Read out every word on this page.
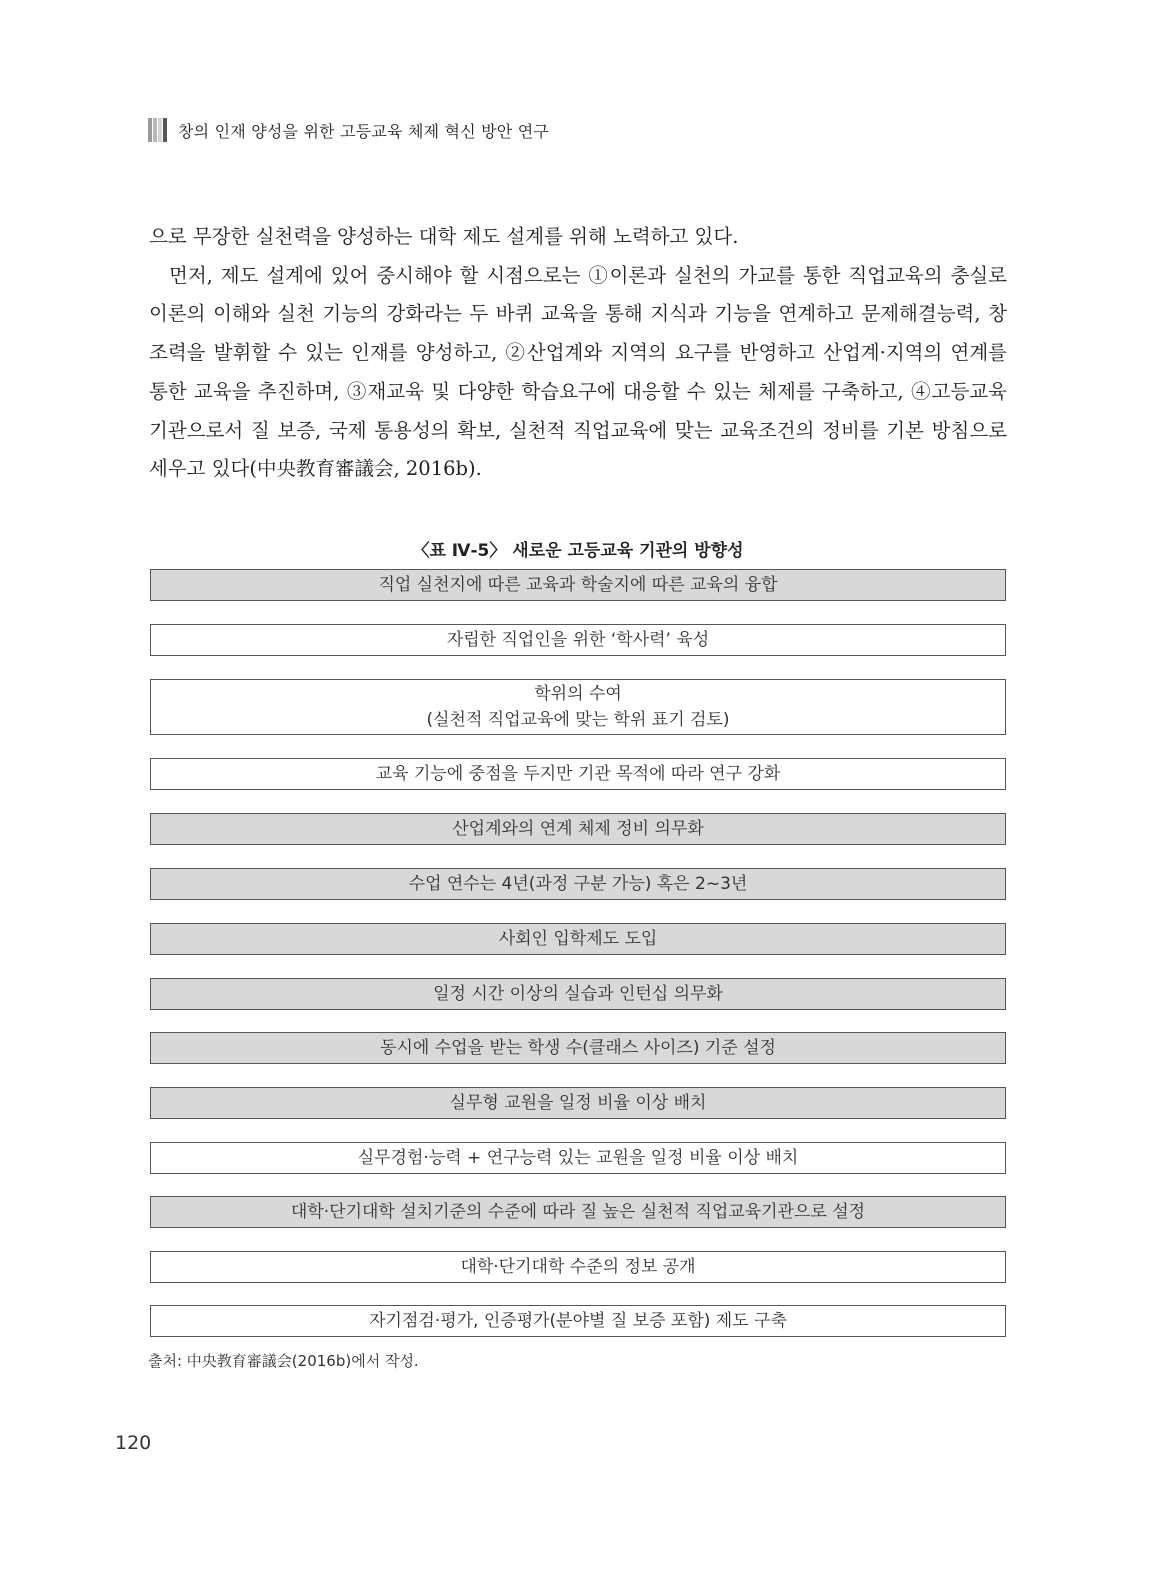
창의 인재 양성을 위한 고등교육 체제 혁신 방안 연구

으로 무장한 실천력을 양성하는 대학 제도 설계를 위해 노력하고 있다.

먼저, 제도 설계에 있어 중시해야 할 시점으로는 ①이론과 실천의 가교를 통한 직업교육의 충실로 이론의 이해와 실천 기능의 강화라는 두 바퀴 교육을 통해 지식과 기능을 연계하고 문제해결능력, 창조력을 발휘할 수 있는 인재를 양성하고, ②산업계와 지역의 요구를 반영하고 산업계·지역의 연계를 통한 교육을 추진하며, ③재교육 및 다양한 학습요구에 대응할 수 있는 체제를 구축하고, ④고등교육 기관으로서 질 보증, 국제 통용성의 확보, 실천적 직업교육에 맞는 교육조건의 정비를 기본 방침으로 세우고 있다(中央教育審議会, 2016b).

〈표 Ⅳ-5〉 새로운 고등교육 기관의 방향성
직업 실천지에 따른 교육과 학술지에 따른 교육의 융합
자립한 직업인을 위한 ‘학사력’ 육성
학위의 수여
(실천적 직업교육에 맞는 학위 표기 검토)
교육 기능에 중점을 두지만 기관 목적에 따라 연구 강화
산업계와의 연계 체제 정비 의무화
수업 연수는 4년(과정 구분 가능) 혹은 2~3년
사회인 입학제도 도입
일정 시간 이상의 실습과 인턴십 의무화
동시에 수업을 받는 학생 수(클래스 사이즈) 기준 설정
실무형 교원을 일정 비율 이상 배치
실무경험·능력 + 연구능력 있는 교원을 일정 비율 이상 배치
대학·단기대학 설치기준의 수준에 따라 질 높은 실천적 직업교육기관으로 설정
대학·단기대학 수준의 정보 공개
자기점검·평가, 인증평가(분야별 질 보증 포함) 제도 구축
출처: 中央教育審議会(2016b)에서 작성.
120
